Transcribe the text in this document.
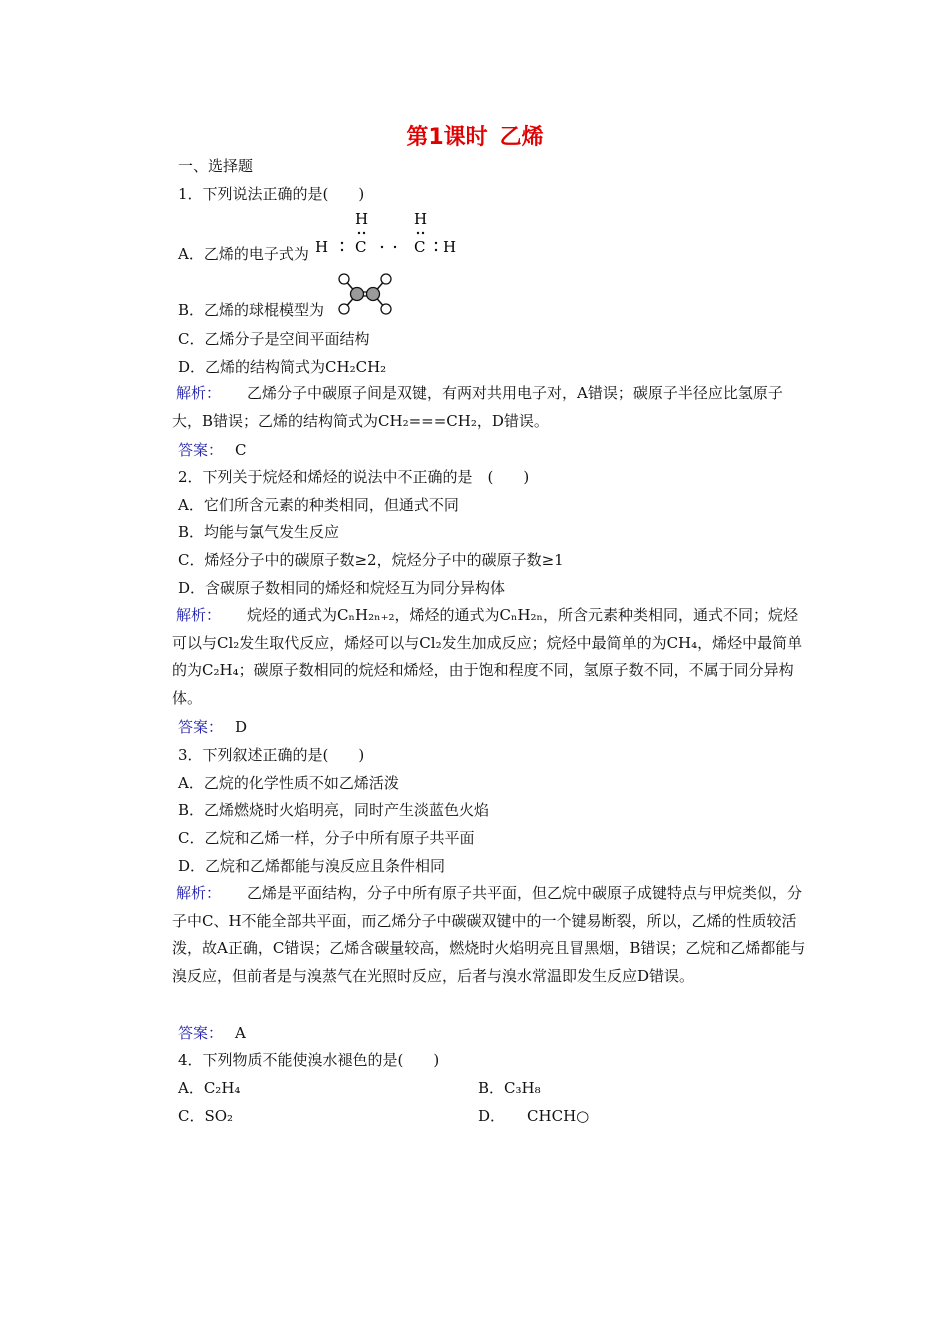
第1课时 乙烯
一、选择题
1．下列说法正确的是(　　)
A．乙烯的电子式为
H	H
H C	C H
B．乙烯的球棍模型为
C．乙烯分子是空间平面结构
D．乙烯的结构简式为CH₂CH₂
解析： 乙烯分子中碳原子间是双键，有两对共用电子对，A错误；碳原子半径应比氢原子大，B错误；乙烯的结构简式为CH₂===CH₂，D错误。
答案： C
2．下列关于烷烃和烯烃的说法中不正确的是　(　　)
A．它们所含元素的种类相同，但通式不同
B．均能与氯气发生反应
C．烯烃分子中的碳原子数≥2，烷烃分子中的碳原子数≥1
D．含碳原子数相同的烯烃和烷烃互为同分异构体
解析： 烷烃的通式为CₙH₂ₙ₊₂，烯烃的通式为CₙH₂ₙ，所含元素种类相同，通式不同；烷烃可以与Cl₂发生取代反应，烯烃可以与Cl₂发生加成反应；烷烃中最简单的为CH₄，烯烃中最简单的为C₂H₄；碳原子数相同的烷烃和烯烃，由于饱和程度不同，氢原子数不同，不属于同分异构体。
答案： D
3．下列叙述正确的是(　　)
A．乙烷的化学性质不如乙烯活泼
B．乙烯燃烧时火焰明亮，同时产生淡蓝色火焰
C．乙烷和乙烯一样，分子中所有原子共平面
D．乙烷和乙烯都能与溴反应且条件相同
解析： 乙烯是平面结构，分子中所有原子共平面，但乙烷中碳原子成键特点与甲烷类似，分子中C、H不能全部共平面，而乙烯分子中碳碳双键中的一个键易断裂，所以，乙烯的性质较活泼，故A正确，C错误；乙烯含碳量较高，燃烧时火焰明亮且冒黑烟，B错误；乙烷和乙烯都能与溴反应，但前者是与溴蒸气在光照时反应，后者与溴水常温即发生反应D错误。
答案： A
4．下列物质不能使溴水褪色的是(　　)
A．C₂H₄	B．C₃H₈
C．SO₂	D． CHCH○
